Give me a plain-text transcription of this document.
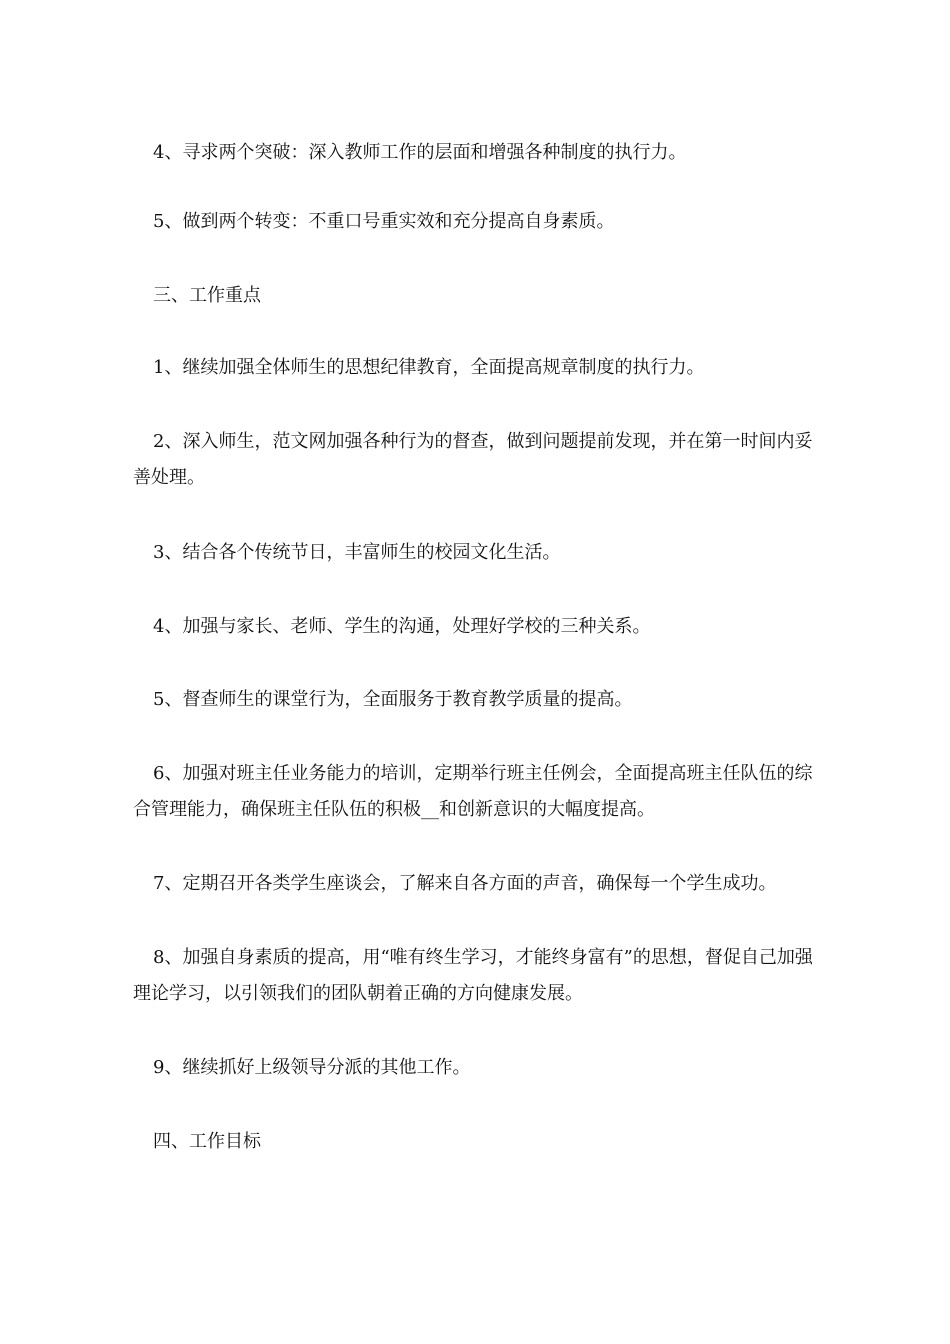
4、寻求两个突破：深入教师工作的层面和增强各种制度的执行力。

5、做到两个转变：不重口号重实效和充分提高自身素质。

三、工作重点

1、继续加强全体师生的思想纪律教育，全面提高规章制度的执行力。

2、深入师生，范文网加强各种行为的督查，做到问题提前发现，并在第一时间内妥善处理。

3、结合各个传统节日，丰富师生的校园文化生活。

4、加强与家长、老师、学生的沟通，处理好学校的三种关系。

5、督查师生的课堂行为，全面服务于教育教学质量的提高。

6、加强对班主任业务能力的培训，定期举行班主任例会，全面提高班主任队伍的综合管理能力，确保班主任队伍的积极__和创新意识的大幅度提高。

7、定期召开各类学生座谈会，了解来自各方面的声音，确保每一个学生成功。

8、加强自身素质的提高，用“唯有终生学习，才能终身富有”的思想，督促自己加强理论学习，以引领我们的团队朝着正确的方向健康发展。

9、继续抓好上级领导分派的其他工作。

四、工作目标
